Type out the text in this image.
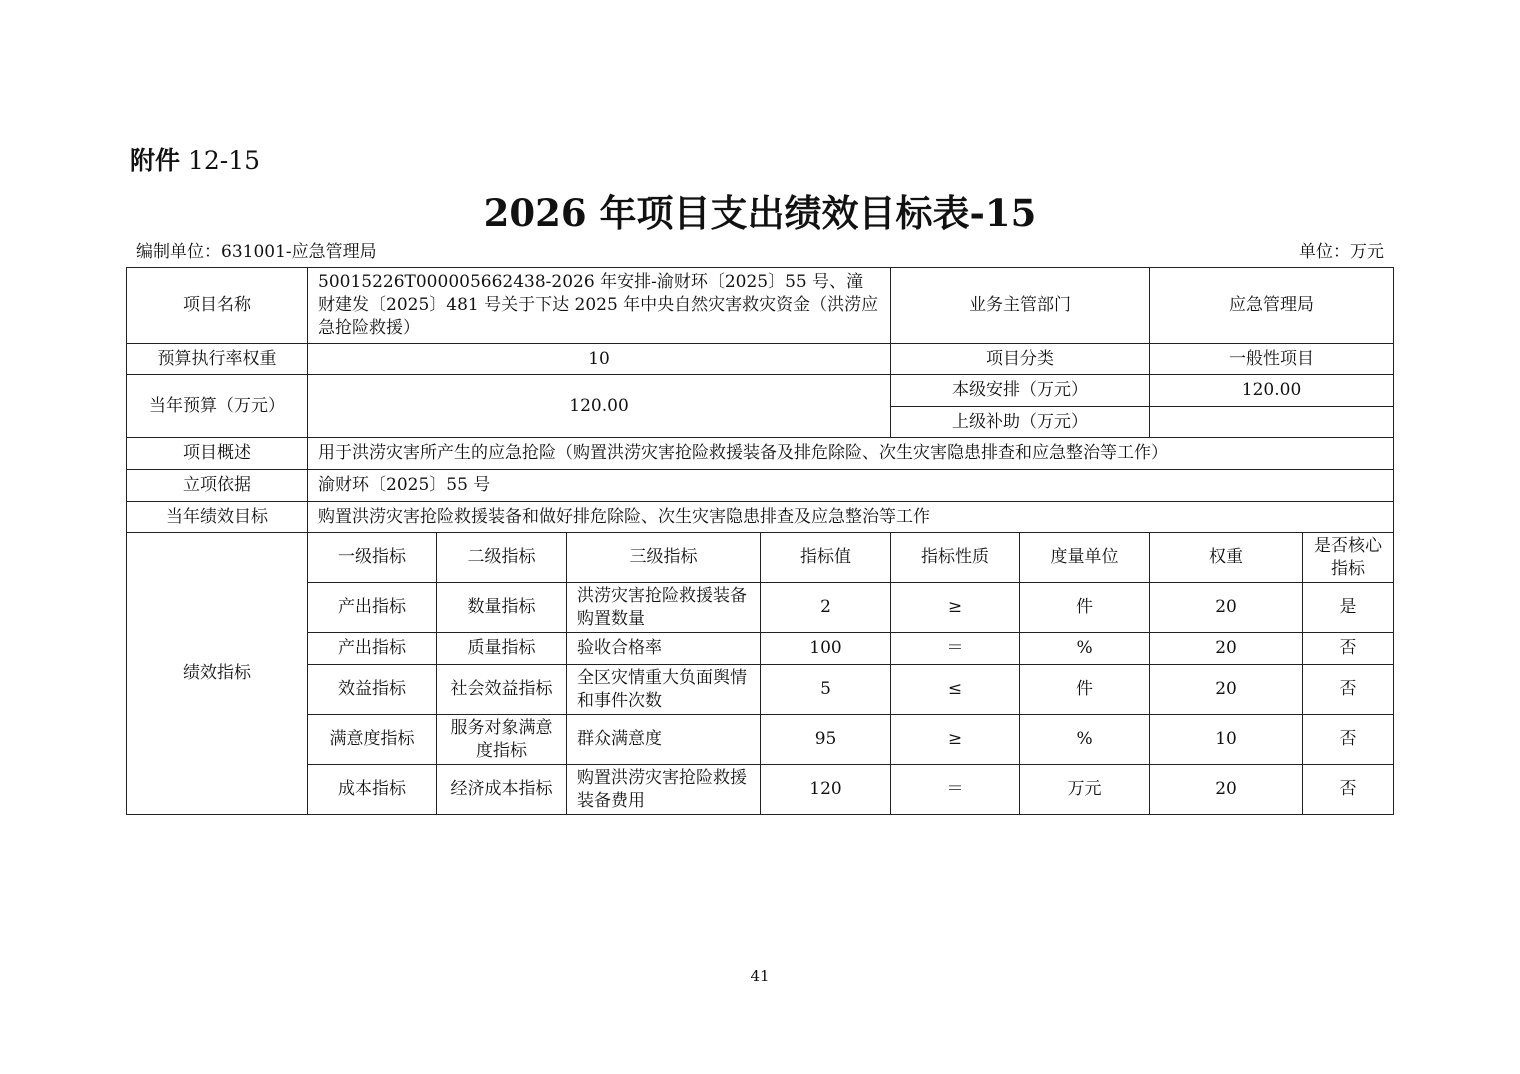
附件 12-15
2026 年项目支出绩效目标表-15
编制单位：631001-应急管理局	单位：万元
项目名称	50015226T000005662438-2026 年安排-渝财环〔2025〕55 号、潼财建发〔2025〕481 号关于下达 2025 年中央自然灾害救灾资金（洪涝应急抢险救援）				业务主管部门		应急管理局	
预算执行率权重	10				项目分类		一般性项目	
当年预算（万元）	120.00				本级安排（万元）		120.00	
					上级补助（万元）			
项目概述	用于洪涝灾害所产生的应急抢险（购置洪涝灾害抢险救援装备及排危除险、次生灾害隐患排查和应急整治等工作）							
立项依据	渝财环〔2025〕55 号							
当年绩效目标	购置洪涝灾害抢险救援装备和做好排危除险、次生灾害隐患排查及应急整治等工作							
绩效指标	一级指标	二级指标	三级指标	指标值	指标性质	度量单位	权重	是否核心指标
	产出指标	数量指标	洪涝灾害抢险救援装备购置数量	2	≥	件	20	是
	产出指标	质量指标	验收合格率	100	＝	%	20	否
	效益指标	社会效益指标	全区灾情重大负面舆情和事件次数	5	≤	件	20	否
	满意度指标	服务对象满意度指标	群众满意度	95	≥	%	10	否
	成本指标	经济成本指标	购置洪涝灾害抢险救援装备费用	120	＝	万元	20	否
41
